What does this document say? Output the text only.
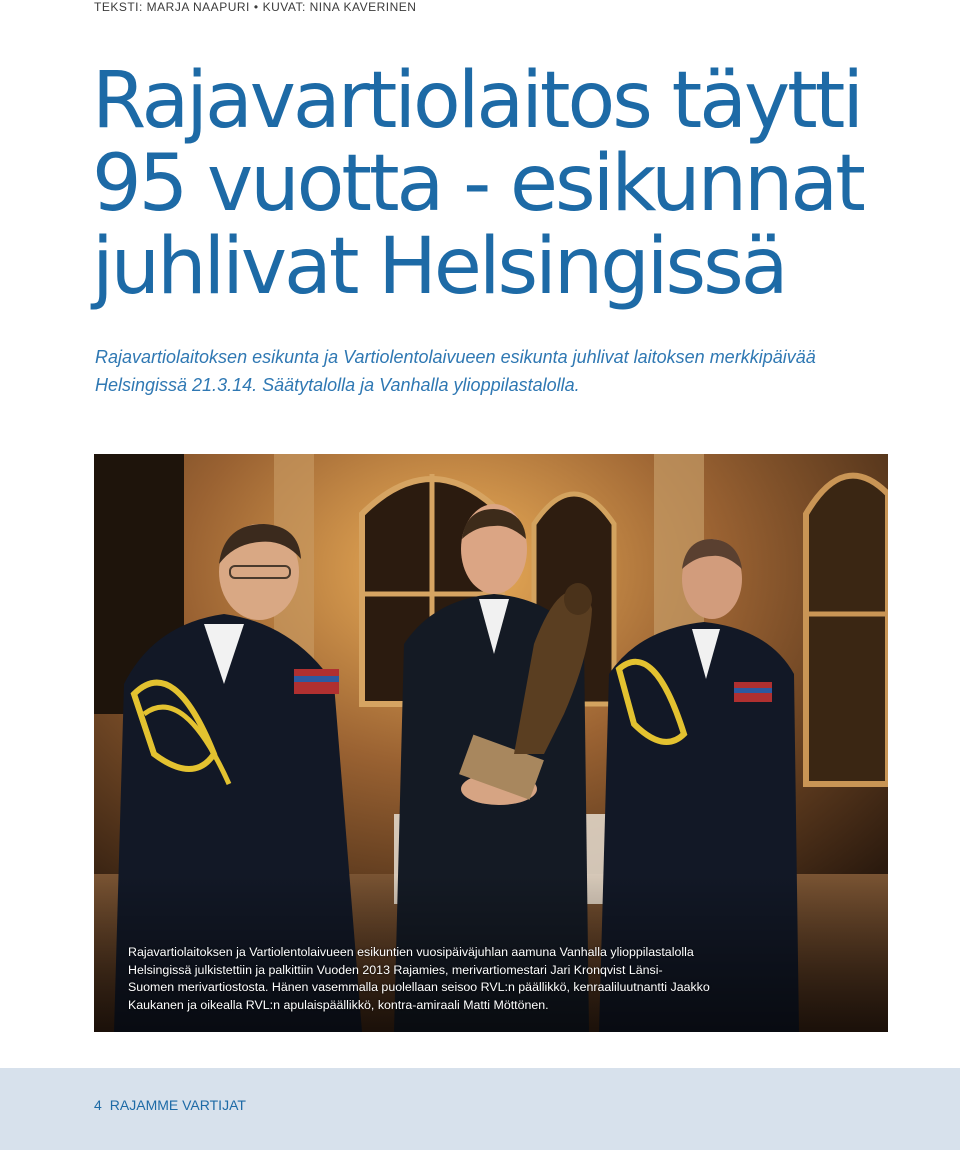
TEKSTI: MARJA NAAPURI • KUVAT: NINA KAVERINEN
Rajavartiolaitos täytti
95 vuotta - esikunnat
juhlivat Helsingissä

Rajavartiolaitoksen esikunta ja Vartiolentolaivueen esikunta juhlivat laitoksen merkkipäivää
Helsingissä 21.3.14. Säätytalolla ja Vanhalla ylioppilastalolla.

Rajavartiolaitoksen ja Vartiolentolaivueen esikuntien vuosipäiväjuhlan aamuna Vanhalla ylioppilastalolla
Helsingissä julkistettiin ja palkittiin Vuoden 2013 Rajamies, merivartiomestari Jari Kronqvist Länsi-
Suomen merivartiostosta. Hänen vasemmalla puolellaan seisoo RVL:n päällikkö, kenraaliluutnantti Jaakko
Kaukanen ja oikealla RVL:n apulaispäällikkö, kontra-amiraali Matti Möttönen.
4 RAJAMME VARTIJAT
